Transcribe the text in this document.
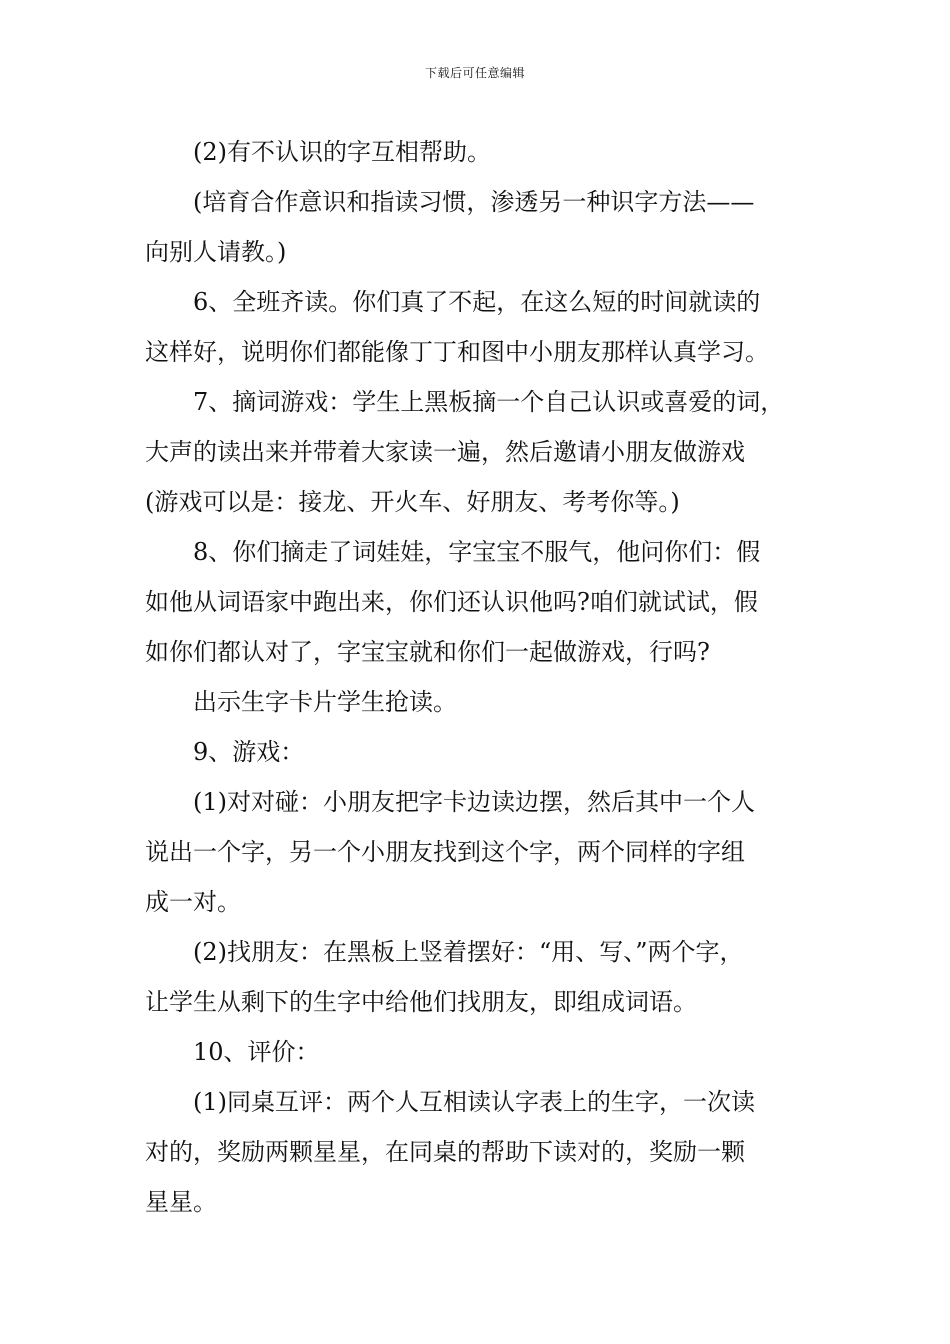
下载后可任意编辑
(2)有不认识的字互相帮助。
(培育合作意识和指读习惯，渗透另一种识字方法——
向别人请教。)
6、全班齐读。你们真了不起，在这么短的时间就读的
这样好，说明你们都能像丁丁和图中小朋友那样认真学习。
7、摘词游戏：学生上黑板摘一个自己认识或喜爱的词，
大声的读出来并带着大家读一遍，然后邀请小朋友做游戏
(游戏可以是：接龙、开火车、好朋友、考考你等。)
8、你们摘走了词娃娃，字宝宝不服气，他问你们：假
如他从词语家中跑出来，你们还认识他吗?咱们就试试，假
如你们都认对了，字宝宝就和你们一起做游戏，行吗?
出示生字卡片学生抢读。
9、游戏：
(1)对对碰：小朋友把字卡边读边摆，然后其中一个人
说出一个字，另一个小朋友找到这个字，两个同样的字组
成一对。
(2)找朋友：在黑板上竖着摆好：“用、写、”两个字，
让学生从剩下的生字中给他们找朋友，即组成词语。
10、评价：
(1)同桌互评：两个人互相读认字表上的生字，一次读
对的，奖励两颗星星，在同桌的帮助下读对的，奖励一颗
星星。
